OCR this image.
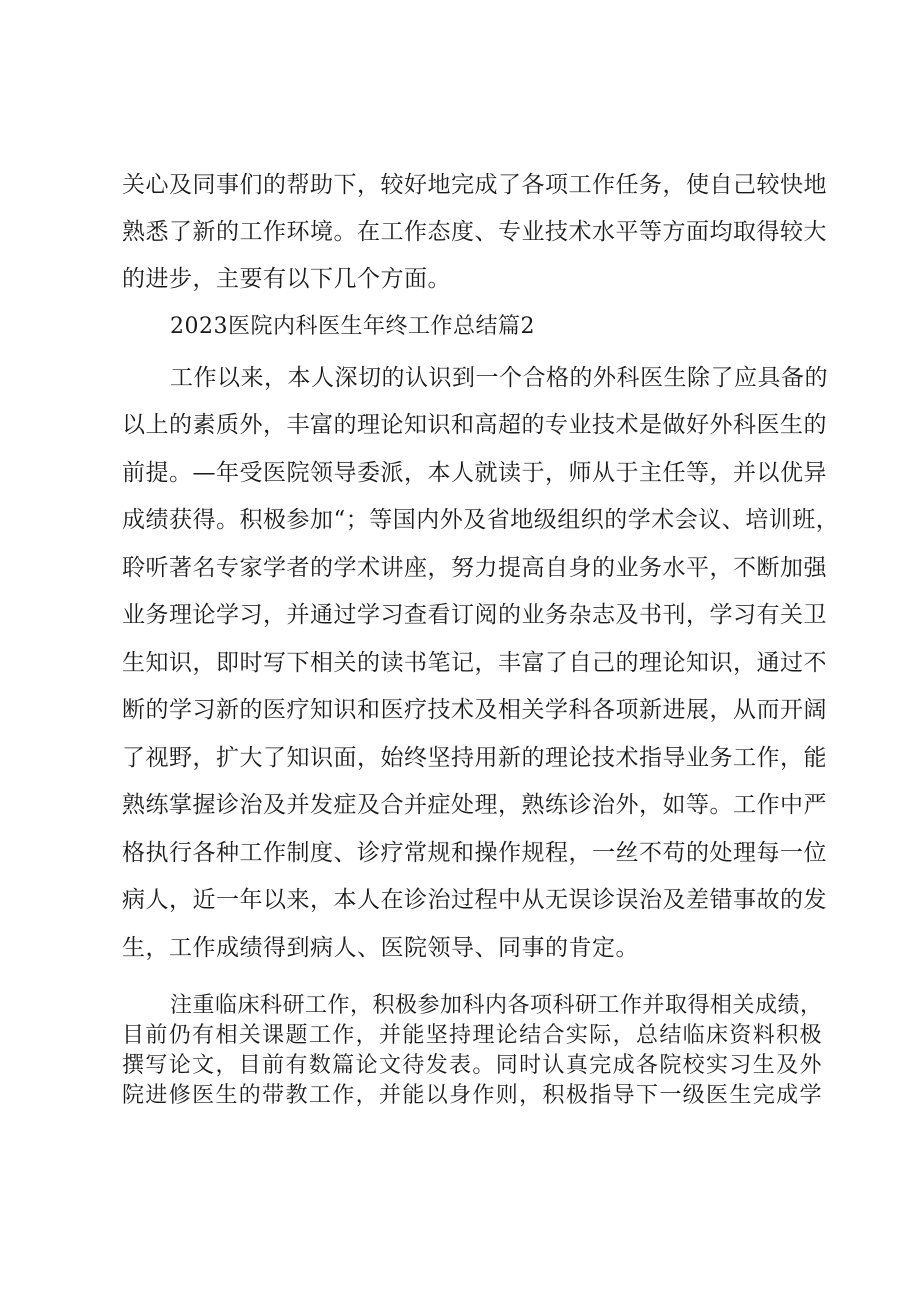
关心及同事们的帮助下，较好地完成了各项工作任务，使自己较快地
熟悉了新的工作环境。在工作态度、专业技术水平等方面均取得较大
的进步，主要有以下几个方面。
2023医院内科医生年终工作总结篇2
工作以来，本人深切的认识到一个合格的外科医生除了应具备的
以上的素质外，丰富的理论知识和高超的专业技术是做好外科医生的
前提。—年受医院领导委派，本人就读于，师从于主任等，并以优异
成绩获得。积极参加“；等国内外及省地级组织的学术会议、培训班，
聆听著名专家学者的学术讲座，努力提高自身的业务水平，不断加强
业务理论学习，并通过学习查看订阅的业务杂志及书刊，学习有关卫
生知识，即时写下相关的读书笔记，丰富了自己的理论知识，通过不
断的学习新的医疗知识和医疗技术及相关学科各项新进展，从而开阔
了视野，扩大了知识面，始终坚持用新的理论技术指导业务工作，能
熟练掌握诊治及并发症及合并症处理，熟练诊治外，如等。工作中严
格执行各种工作制度、诊疗常规和操作规程，一丝不苟的处理每一位
病人，近一年以来，本人在诊治过程中从无误诊误治及差错事故的发
生，工作成绩得到病人、医院领导、同事的肯定。
注重临床科研工作，积极参加科内各项科研工作并取得相关成绩，
目前仍有相关课题工作，并能坚持理论结合实际，总结临床资料积极
撰写论文，目前有数篇论文待发表。同时认真完成各院校实习生及外
院进修医生的带教工作，并能以身作则，积极指导下一级医生完成学
